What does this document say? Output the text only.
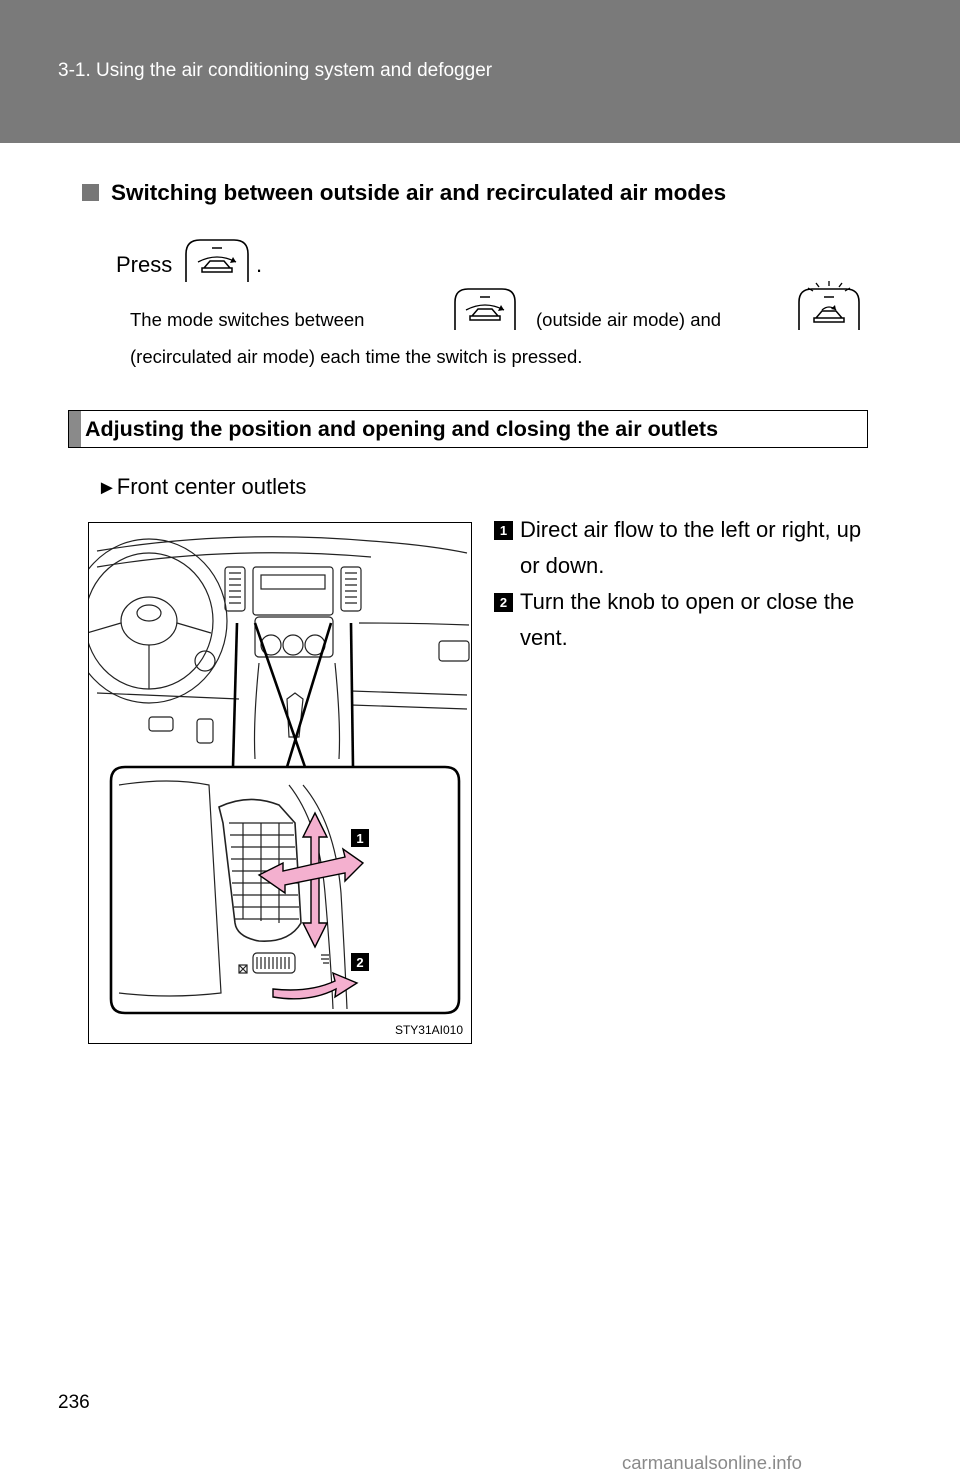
3-1. Using the air conditioning system and defogger
Switching between outside air and recirculated air modes
Press	.
The mode switches between	(outside air mode) and
(recirculated air mode) each time the switch is pressed.
Adjusting the position and opening and closing the air outlets
►Front center outlets
1
2
STY31AI010
1 Direct air flow to the left or right, up or down.
2 Turn the knob to open or close the vent.
236
carmanualsonline.info
